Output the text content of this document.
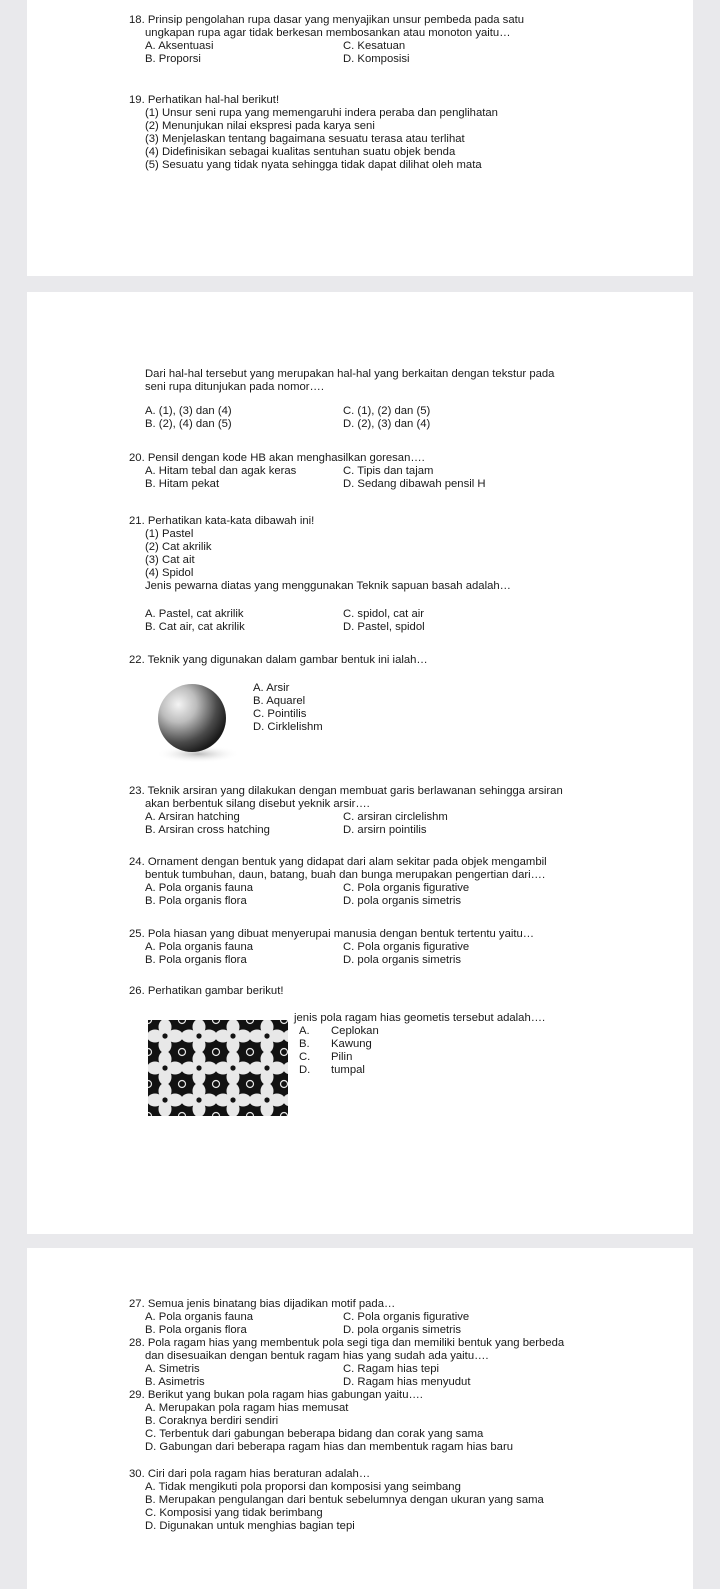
18. Prinsip pengolahan rupa dasar yang menyajikan unsur pembeda pada satu
ungkapan rupa agar tidak berkesan membosankan atau monoton yaitu…
A. Aksentuasi	C. Kesatuan
B. Proporsi	D. Komposisi
19. Perhatikan hal-hal berikut!
(1) Unsur seni rupa yang memengaruhi indera peraba dan penglihatan
(2) Menunjukan nilai ekspresi pada karya seni
(3) Menjelaskan tentang bagaimana sesuatu terasa atau terlihat
(4) Didefinisikan sebagai kualitas sentuhan suatu objek benda
(5) Sesuatu yang tidak nyata sehingga tidak dapat dilihat oleh mata
Dari hal-hal tersebut yang merupakan hal-hal yang berkaitan dengan tekstur pada
seni rupa ditunjukan pada nomor….
A. (1), (3) dan (4)	C. (1), (2) dan (5)
B. (2), (4) dan (5)	D. (2), (3) dan (4)
20. Pensil dengan kode HB akan menghasilkan goresan….
A. Hitam tebal dan agak keras	C. Tipis dan tajam
B. Hitam pekat	D. Sedang dibawah pensil H
21. Perhatikan kata-kata dibawah ini!
(1) Pastel
(2) Cat akrilik
(3) Cat ait
(4) Spidol
Jenis pewarna diatas yang menggunakan Teknik sapuan basah adalah…
A. Pastel, cat akrilik	C. spidol, cat air
B. Cat air, cat akrilik	D. Pastel, spidol
22. Teknik yang digunakan dalam gambar bentuk ini ialah…
A. Arsir
B. Aquarel
C. Pointilis
D. Cirklelishm
23. Teknik arsiran yang dilakukan dengan membuat garis berlawanan sehingga arsiran
akan berbentuk silang disebut yeknik arsir….
A. Arsiran hatching	C. arsiran circlelishm
B. Arsiran cross hatching	D. arsirn pointilis
24. Ornament dengan bentuk yang didapat dari alam sekitar pada objek mengambil
bentuk tumbuhan, daun, batang, buah dan bunga merupakan pengertian dari….
A. Pola organis fauna	C. Pola organis figurative
B. Pola organis flora	D. pola organis simetris
25. Pola hiasan yang dibuat menyerupai manusia dengan bentuk tertentu yaitu…
A. Pola organis fauna	C. Pola organis figurative
B. Pola organis flora	D. pola organis simetris
26. Perhatikan gambar berikut!
jenis pola ragam hias geometis tersebut adalah….
A. Ceplokan
B. Kawung
C. Pilin
D. tumpal
27. Semua jenis binatang bias dijadikan motif pada…
A. Pola organis fauna	C. Pola organis figurative
B. Pola organis flora	D. pola organis simetris
28. Pola ragam hias yang membentuk pola segi tiga dan memiliki bentuk yang berbeda
dan disesuaikan dengan bentuk ragam hias yang sudah ada yaitu….
A. Simetris	C. Ragam hias tepi
B. Asimetris	D. Ragam hias menyudut
29. Berikut yang bukan pola ragam hias gabungan yaitu….
A. Merupakan pola ragam hias memusat
B. Coraknya berdiri sendiri
C. Terbentuk dari gabungan beberapa bidang dan corak yang sama
D. Gabungan dari beberapa ragam hias dan membentuk ragam hias baru
30. Ciri dari pola ragam hias beraturan adalah…
A. Tidak mengikuti pola proporsi dan komposisi yang seimbang
B. Merupakan pengulangan dari bentuk sebelumnya dengan ukuran yang sama
C. Komposisi yang tidak berimbang
D. Digunakan untuk menghias bagian tepi
